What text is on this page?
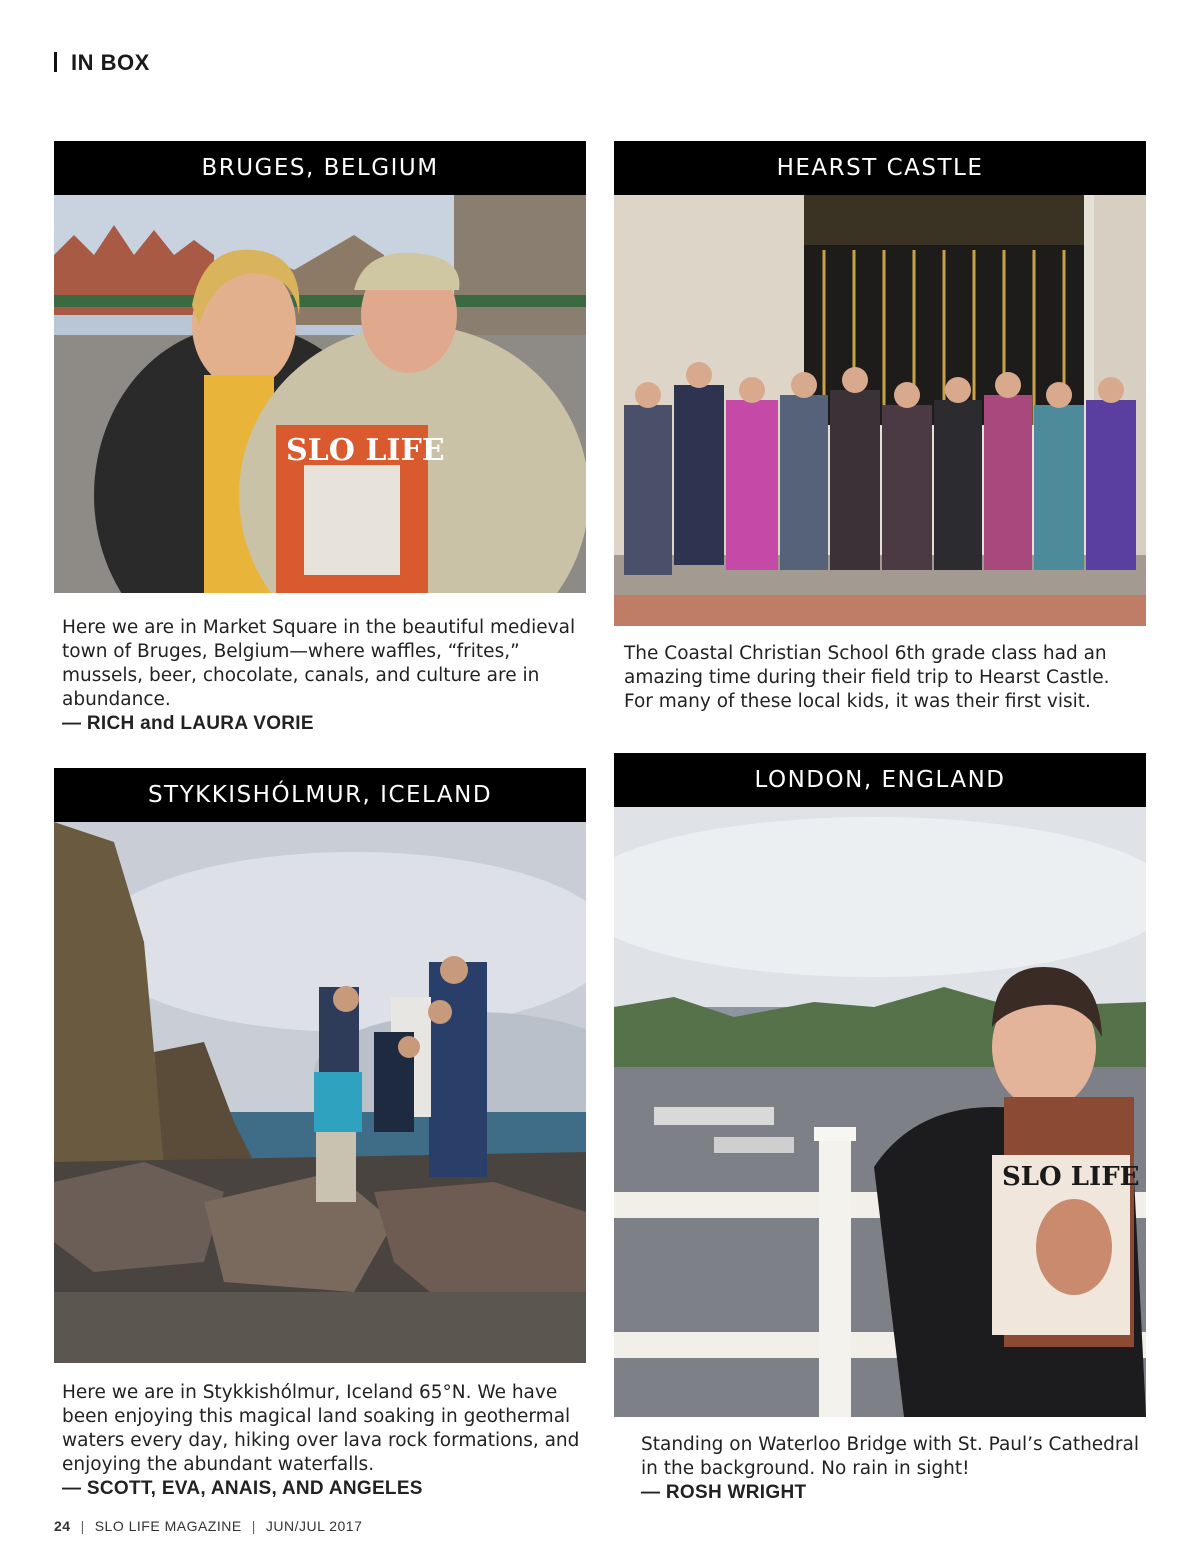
IN BOX
BRUGES, BELGIUM
SLO LIFE
Here we are in Market Square in the beautiful medieval town of Bruges, Belgium—where waffles, “frites,” mussels, beer, chocolate, canals, and culture are in abundance.
— RICH and LAURA VORIE
HEARST CASTLE
The Coastal Christian School 6th grade class had an amazing time during their field trip to Hearst Castle. For many of these local kids, it was their first visit.
STYKKISHÓLMUR, ICELAND
Here we are in Stykkishólmur, Iceland 65°N. We have been enjoying this magical land soaking in geothermal waters every day, hiking over lava rock formations, and enjoying the abundant waterfalls.
— SCOTT, EVA, ANAIS, AND ANGELES
LONDON, ENGLAND
SLO LIFE
Standing on Waterloo Bridge with St. Paul’s Cathedral in the background. No rain in sight!
— ROSH WRIGHT
24 | SLO LIFE MAGAZINE | JUN/JUL 2017
